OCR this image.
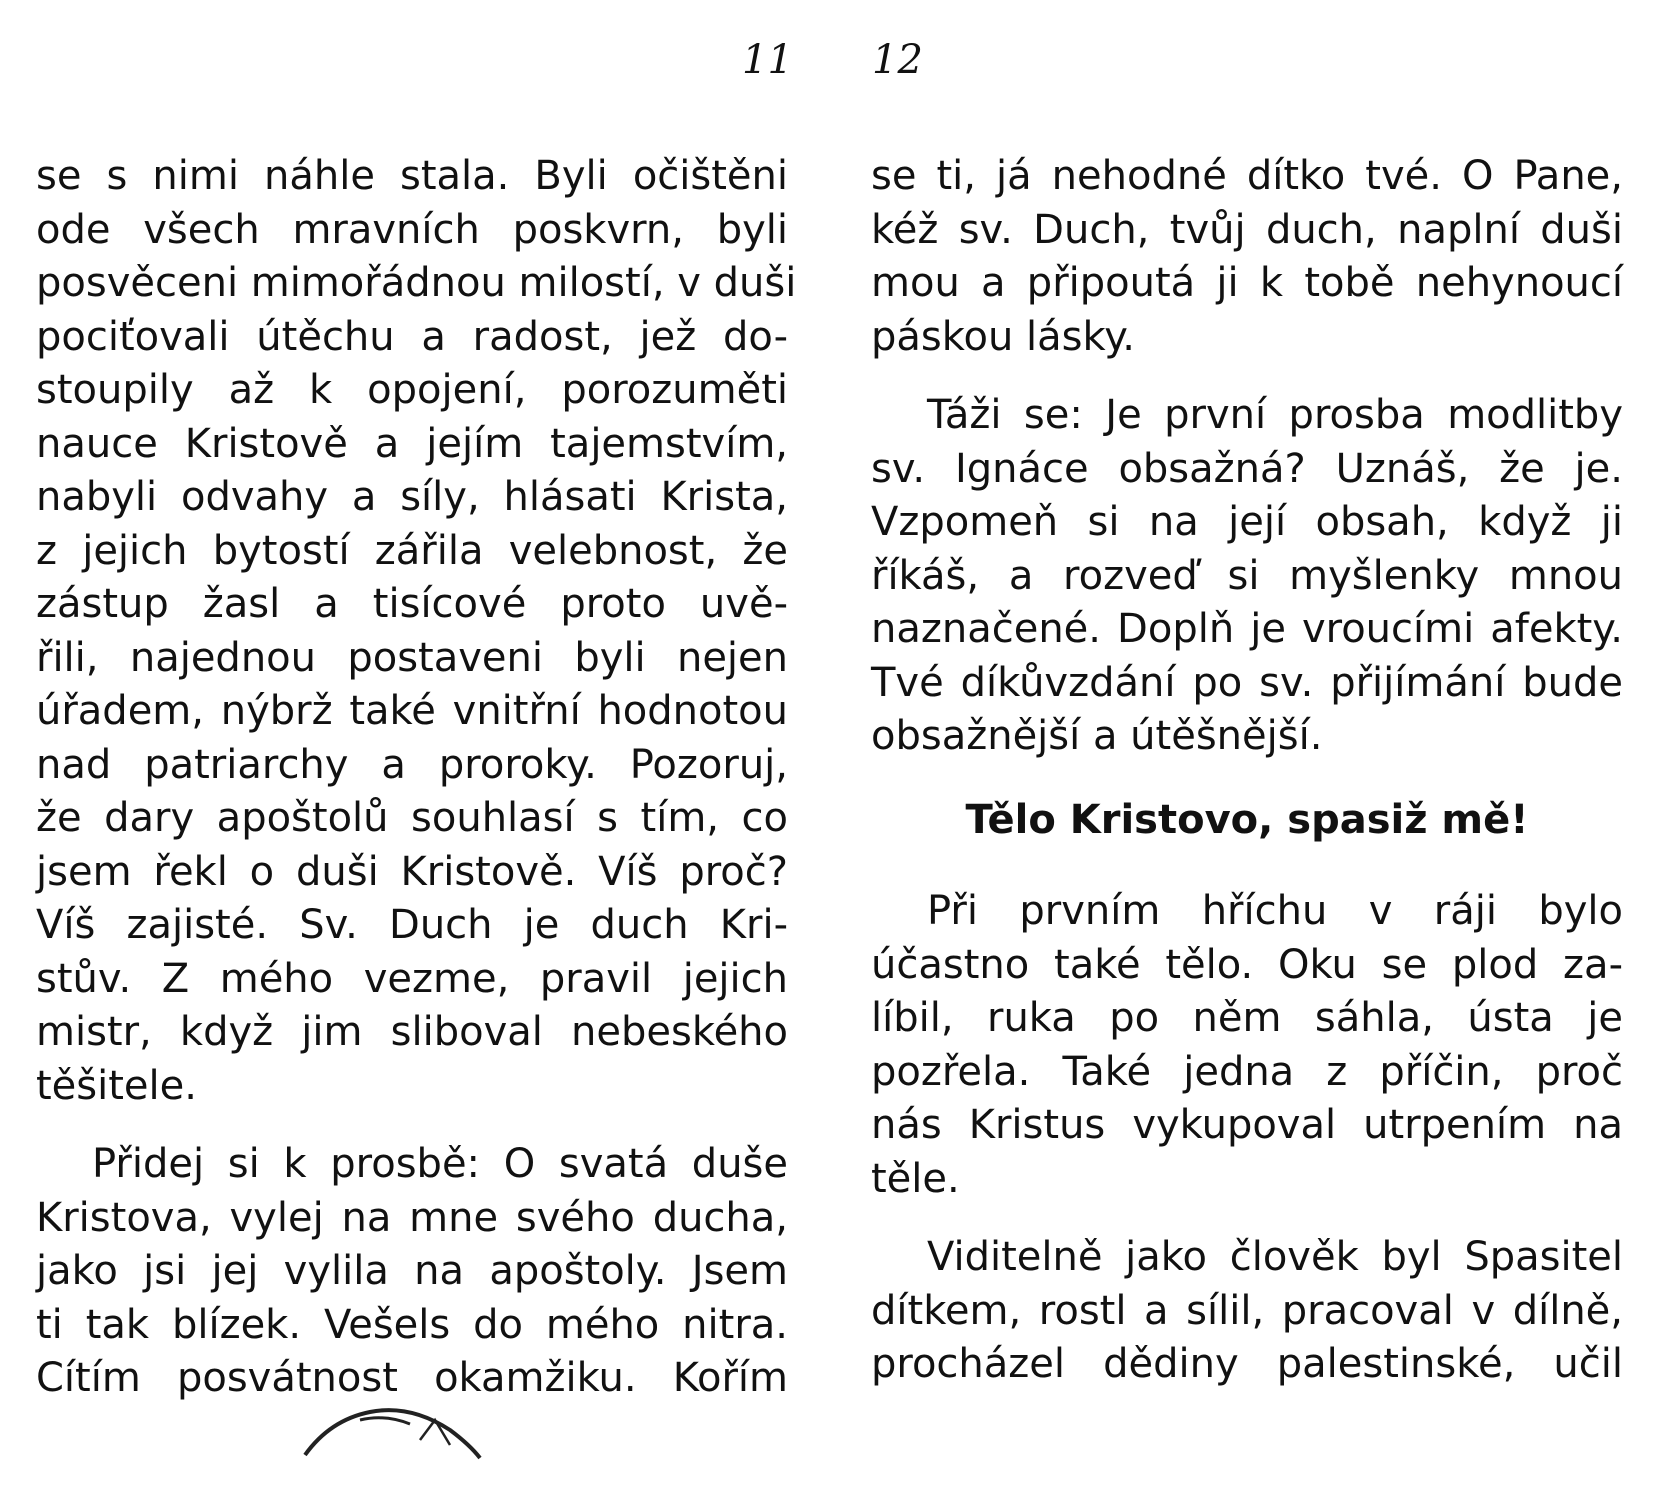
11 12
se s nimi náhle stala. Byli očištěni
ode všech mravních poskvrn, byli
posvěceni mimořádnou milostí, v duši
pociťovali útěchu a radost, jež do-
stoupily až k opojení, porozuměti
nauce Kristově a jejím tajemstvím,
nabyli odvahy a síly, hlásati Krista,
z jejich bytostí zářila velebnost, že
zástup žasl a tisícové proto uvě-
řili, najednou postaveni byli nejen
úřadem, nýbrž také vnitřní hodnotou
nad patriarchy a proroky. Pozoruj,
že dary apoštolů souhlasí s tím, co
jsem řekl o duši Kristově. Víš proč?
Víš zajisté. Sv. Duch je duch Kri-
stův. Z mého vezme, pravil jejich
mistr, když jim sliboval nebeského
těšitele.
Přidej si k prosbě: O svatá duše
Kristova, vylej na mne svého ducha,
jako jsi jej vylila na apoštoly. Jsem
ti tak blízek. Vešels do mého nitra.
Cítím posvátnost okamžiku. Kořím
se ti, já nehodné dítko tvé. O Pane,
kéž sv. Duch, tvůj duch, naplní duši
mou a připoutá ji k tobě nehynoucí
páskou lásky.
Táži se: Je první prosba modlitby
sv. Ignáce obsažná? Uznáš, že je.
Vzpomeň si na její obsah, když ji
říkáš, a rozveď si myšlenky mnou
naznačené. Doplň je vroucími afekty.
Tvé díkůvzdání po sv. přijímání bude
obsažnější a útěšnější.
Tělo Kristovo, spasiž mě!
Při prvním hříchu v ráji bylo
účastno také tělo. Oku se plod za-
líbil, ruka po něm sáhla, ústa je
pozřela. Také jedna z příčin, proč
nás Kristus vykupoval utrpením na
těle.
Viditelně jako člověk byl Spasitel
dítkem, rostl a sílil, pracoval v dílně,
procházel dědiny palestinské, učil
